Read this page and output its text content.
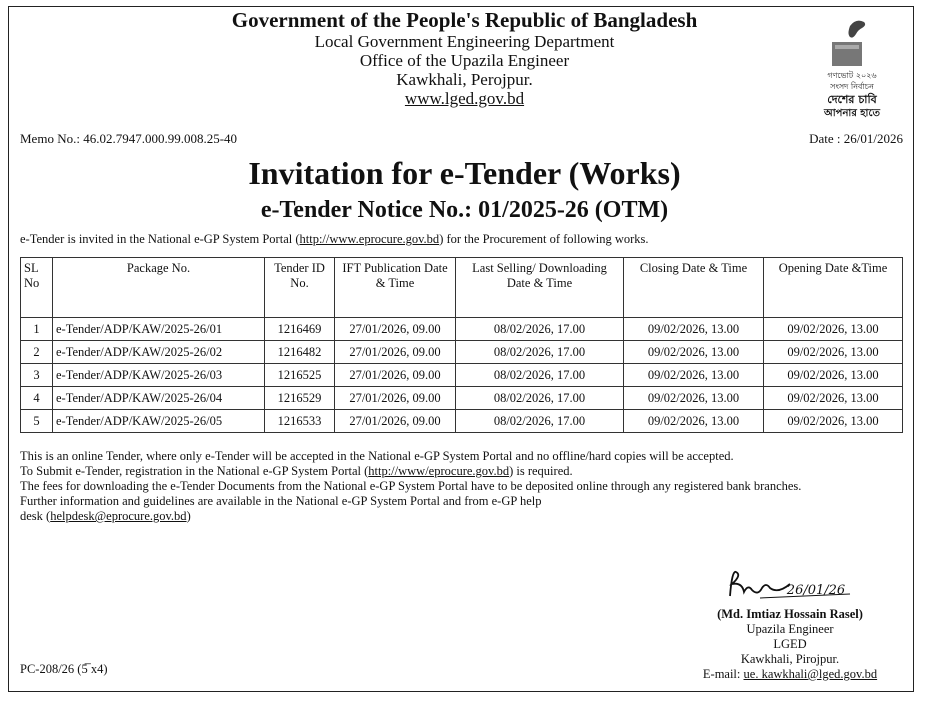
Government of the People's Republic of Bangladesh
Local Government Engineering Department
Office of the Upazila Engineer
Kawkhali, Perojpur.
www.lged.gov.bd
গণভোট ২০২৬
সংসদ নির্বাচন
দেশের চাবি
আপনার হাতে
Memo No.: 46.02.7947.000.99.008.25-40	Date : 26/01/2026
Invitation for e-Tender (Works)
e-Tender Notice No.: 01/2025-26 (OTM)
e-Tender is invited in the National e-GP System Portal (http://www.eprocure.gov.bd) for the Procurement of following works.
SL No	Package No.	Tender ID No.	IFT Publication Date & Time	Last Selling/ Downloading Date & Time	Closing Date & Time	Opening Date &Time
1	e-Tender/ADP/KAW/2025-26/01	1216469	27/01/2026, 09.00	08/02/2026, 17.00	09/02/2026, 13.00	09/02/2026, 13.00
2	e-Tender/ADP/KAW/2025-26/02	1216482	27/01/2026, 09.00	08/02/2026, 17.00	09/02/2026, 13.00	09/02/2026, 13.00
3	e-Tender/ADP/KAW/2025-26/03	1216525	27/01/2026, 09.00	08/02/2026, 17.00	09/02/2026, 13.00	09/02/2026, 13.00
4	e-Tender/ADP/KAW/2025-26/04	1216529	27/01/2026, 09.00	08/02/2026, 17.00	09/02/2026, 13.00	09/02/2026, 13.00
5	e-Tender/ADP/KAW/2025-26/05	1216533	27/01/2026, 09.00	08/02/2026, 17.00	09/02/2026, 13.00	09/02/2026, 13.00

This is an online Tender, where only e-Tender will be accepted in the National e-GP System Portal and no offline/hard copies will be accepted.

To Submit e-Tender, registration in the National e-GP System Portal (http://www/eprocure.gov.bd) is required.

The fees for downloading the e-Tender Documents from the National e-GP System Portal have to be deposited online through any registered bank branches.

Further information and guidelines are available in the National e-GP System Portal and from e-GP help

desk (helpdesk@eprocure.gov.bd)

26/01/26
(Md. Imtiaz Hossain Rasel)
Upazila Engineer
LGED
Kawkhali, Pirojpur.
E-mail: ue. kawkhali@lged.gov.bd
PC-208/26 (5̅ x4)
